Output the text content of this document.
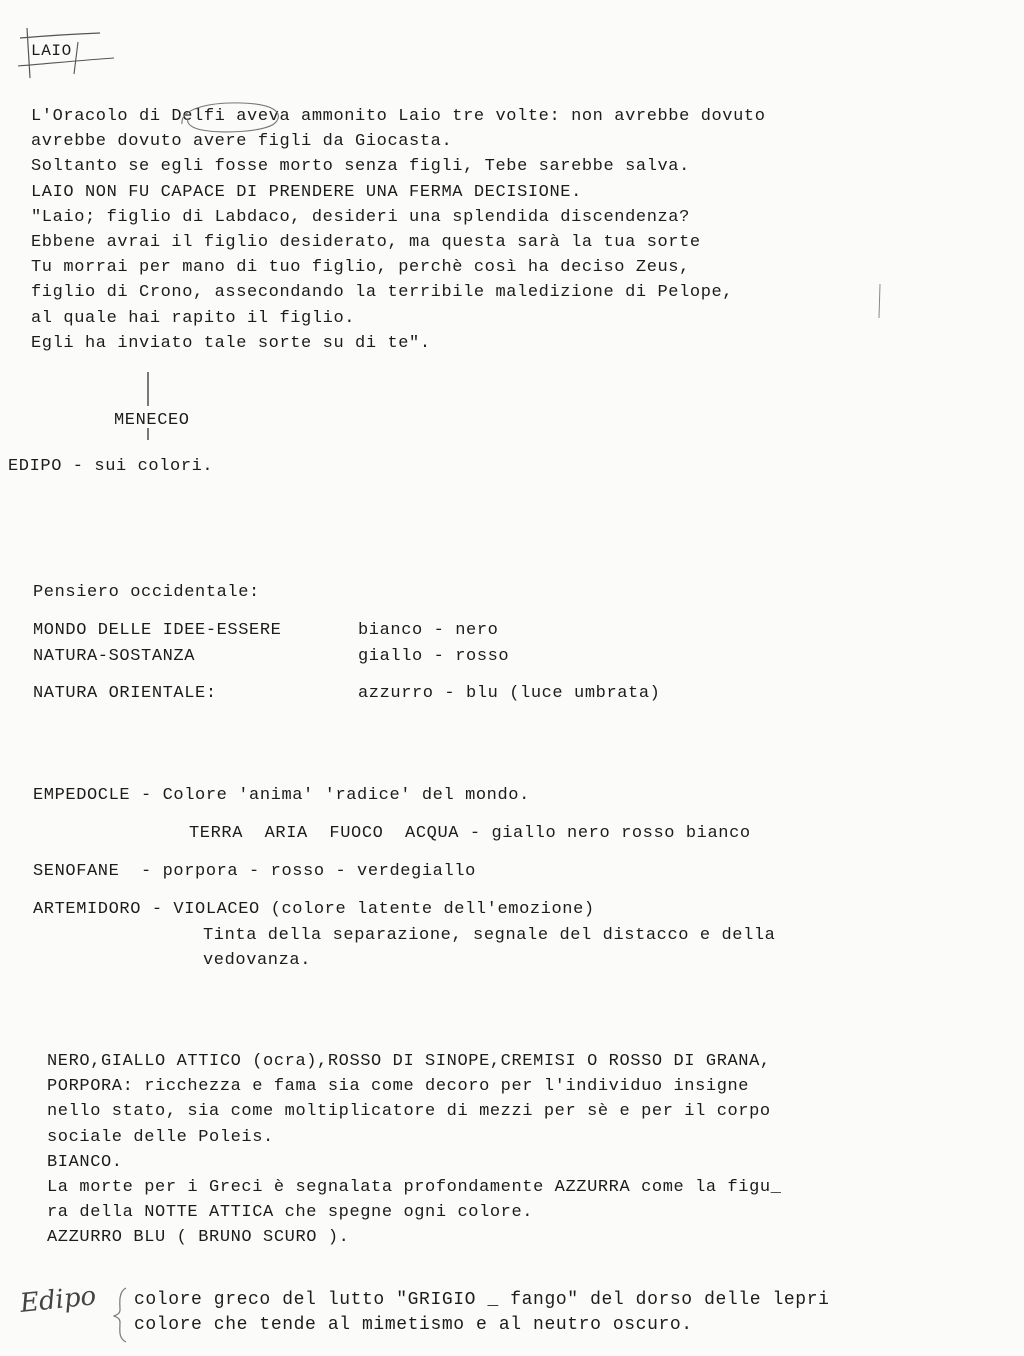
LAIO
L'Oracolo di Delfi aveva ammonito Laio tre volte: non avrebbe dovuto
avrebbe dovuto avere figli da Giocasta.
Soltanto se egli fosse morto senza figli, Tebe sarebbe salva.
LAIO NON FU CAPACE DI PRENDERE UNA FERMA DECISIONE.
"Laio; figlio di Labdaco, desideri una splendida discendenza?
Ebbene avrai il figlio desiderato, ma questa sarà la tua sorte
Tu morrai per mano di tuo figlio, perchè così ha deciso Zeus,
figlio di Crono, assecondando la terribile maledizione di Pelope,
al quale hai rapito il figlio.
Egli ha inviato tale sorte su di te".
MENECEO
EDIPO - sui colori.
Pensiero occidentale:
MONDO DELLE IDEE-ESSERE	bianco - nero
NATURA-SOSTANZA	giallo - rosso
NATURA ORIENTALE:	azzurro - blu (luce umbrata)
EMPEDOCLE - Colore 'anima' 'radice' del mondo.
TERRA  ARIA  FUOCO  ACQUA - giallo nero rosso bianco
SENOFANE  - porpora - rosso - verdegiallo
ARTEMIDORO - VIOLACEO (colore latente dell'emozione)
Tinta della separazione, segnale del distacco e della
vedovanza.
NERO,GIALLO ATTICO (ocra),ROSSO DI SINOPE,CREMISI O ROSSO DI GRANA,
PORPORA: ricchezza e fama sia come decoro per l'individuo insigne
nello stato, sia come moltiplicatore di mezzi per sè e per il corpo
sociale delle Poleis.
BIANCO.
La morte per i Greci è segnalata profondamente AZZURRA come la figu_
ra della NOTTE ATTICA che spegne ogni colore.
AZZURRO BLU ( BRUNO SCURO ).
Edipo colore greco del lutto "GRIGIO _ fango" del dorso delle lepri
colore che tende al mimetismo e al neutro oscuro.
